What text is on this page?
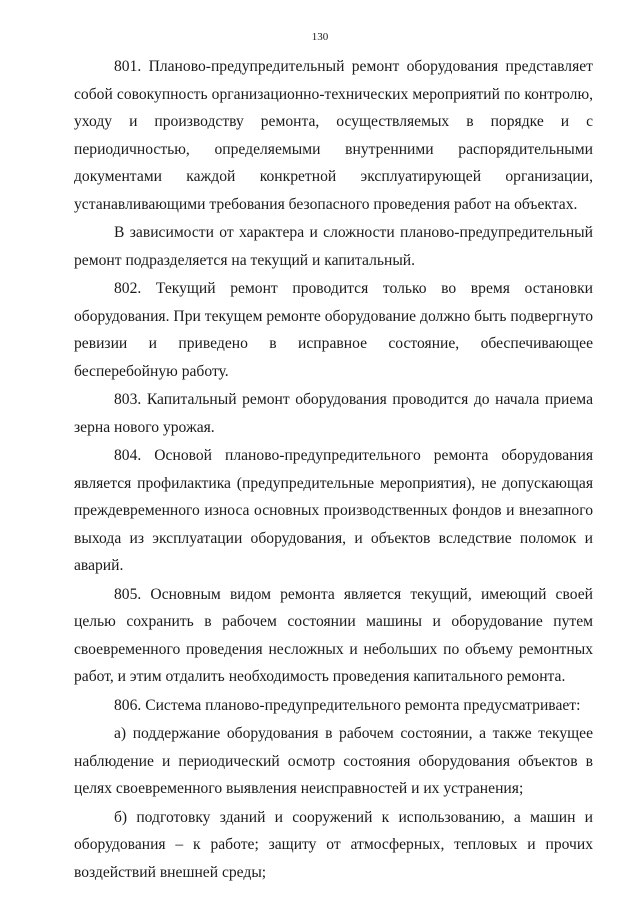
130

801. Планово-предупредительный ремонт оборудования представляет собой совокупность организационно-технических мероприятий по контролю, уходу и производству ремонта, осуществляемых в порядке и с периодичностью, определяемыми внутренними распорядительными документами каждой конкретной эксплуатирующей организации, устанавливающими требования безопасного проведения работ на объектах.

В зависимости от характера и сложности планово-предупредительный ремонт подразделяется на текущий и капитальный.

802. Текущий ремонт проводится только во время остановки оборудования. При текущем ремонте оборудование должно быть подвергнуто ревизии и приведено в исправное состояние, обеспечивающее бесперебойную работу.

803. Капитальный ремонт оборудования проводится до начала приема зерна нового урожая.

804. Основой планово-предупредительного ремонта оборудования является профилактика (предупредительные мероприятия), не допускающая преждевременного износа основных производственных фондов и внезапного выхода из эксплуатации оборудования, и объектов вследствие поломок и аварий.

805. Основным видом ремонта является текущий, имеющий своей целью сохранить в рабочем состоянии машины и оборудование путем своевременного проведения несложных и небольших по объему ремонтных работ, и этим отдалить необходимость проведения капитального ремонта.

806. Система планово-предупредительного ремонта предусматривает:

а) поддержание оборудования в рабочем состоянии, а также текущее наблюдение и периодический осмотр состояния оборудования объектов в целях своевременного выявления неисправностей и их устранения;

б) подготовку зданий и сооружений к использованию, а машин и оборудования – к работе; защиту от атмосферных, тепловых и прочих воздействий внешней среды;
